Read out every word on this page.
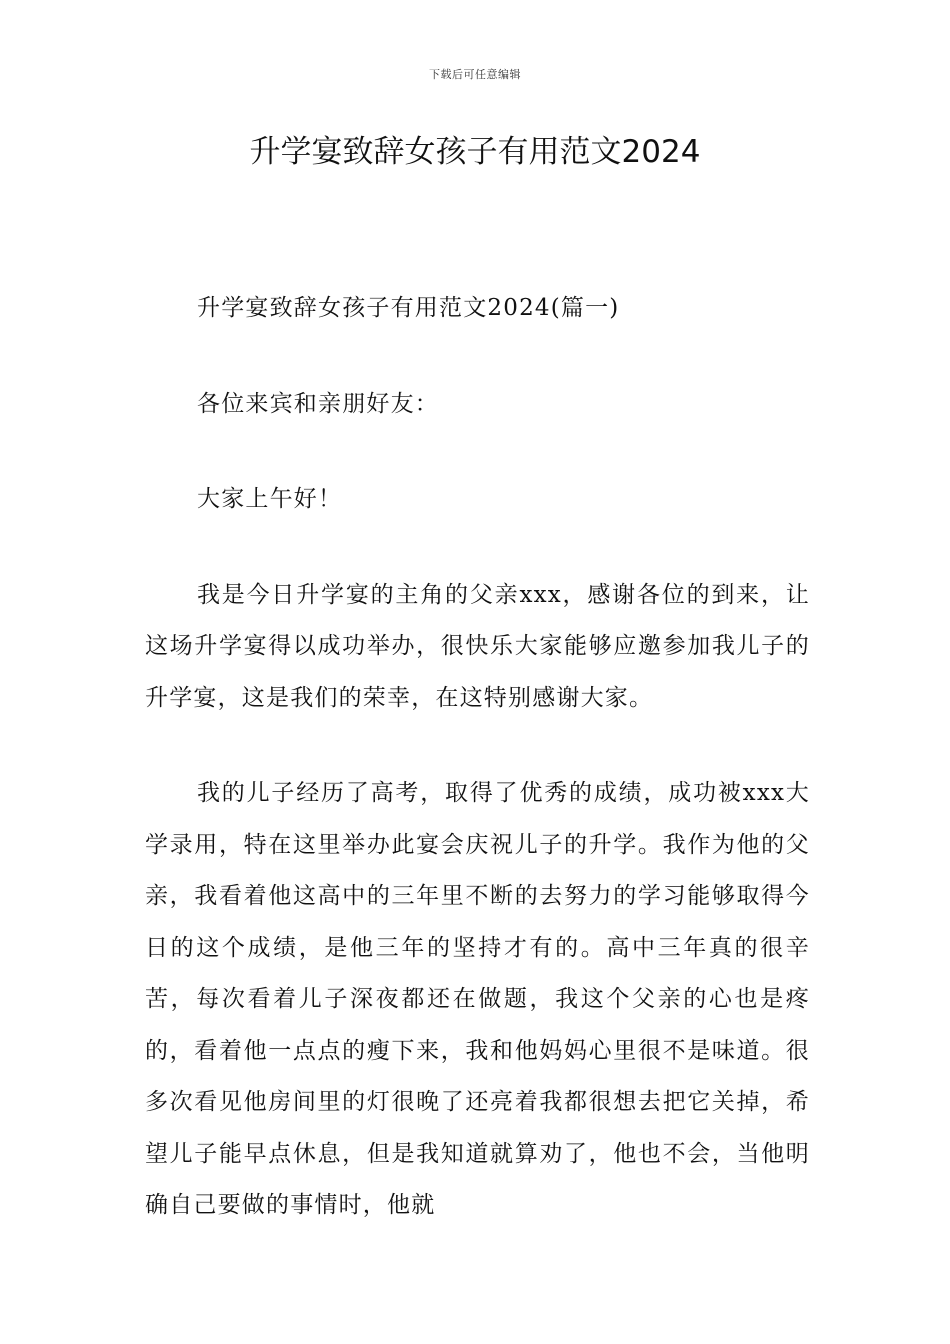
下载后可任意编辑
升学宴致辞女孩子有用范文2024

升学宴致辞女孩子有用范文2024(篇一)

各位来宾和亲朋好友：

大家上午好！

我是今日升学宴的主角的父亲xxx，感谢各位的到来，让这场升学宴得以成功举办，很快乐大家能够应邀参加我儿子的升学宴，这是我们的荣幸，在这特别感谢大家。

我的儿子经历了高考，取得了优秀的成绩，成功被xxx大学录用，特在这里举办此宴会庆祝儿子的升学。我作为他的父亲，我看着他这高中的三年里不断的去努力的学习能够取得今日的这个成绩，是他三年的坚持才有的。高中三年真的很辛苦，每次看着儿子深夜都还在做题，我这个父亲的心也是疼的，看着他一点点的瘦下来，我和他妈妈心里很不是味道。很多次看见他房间里的灯很晚了还亮着我都很想去把它关掉，希望儿子能早点休息，但是我知道就算劝了，他也不会，当他明确自己要做的事情时，他就
